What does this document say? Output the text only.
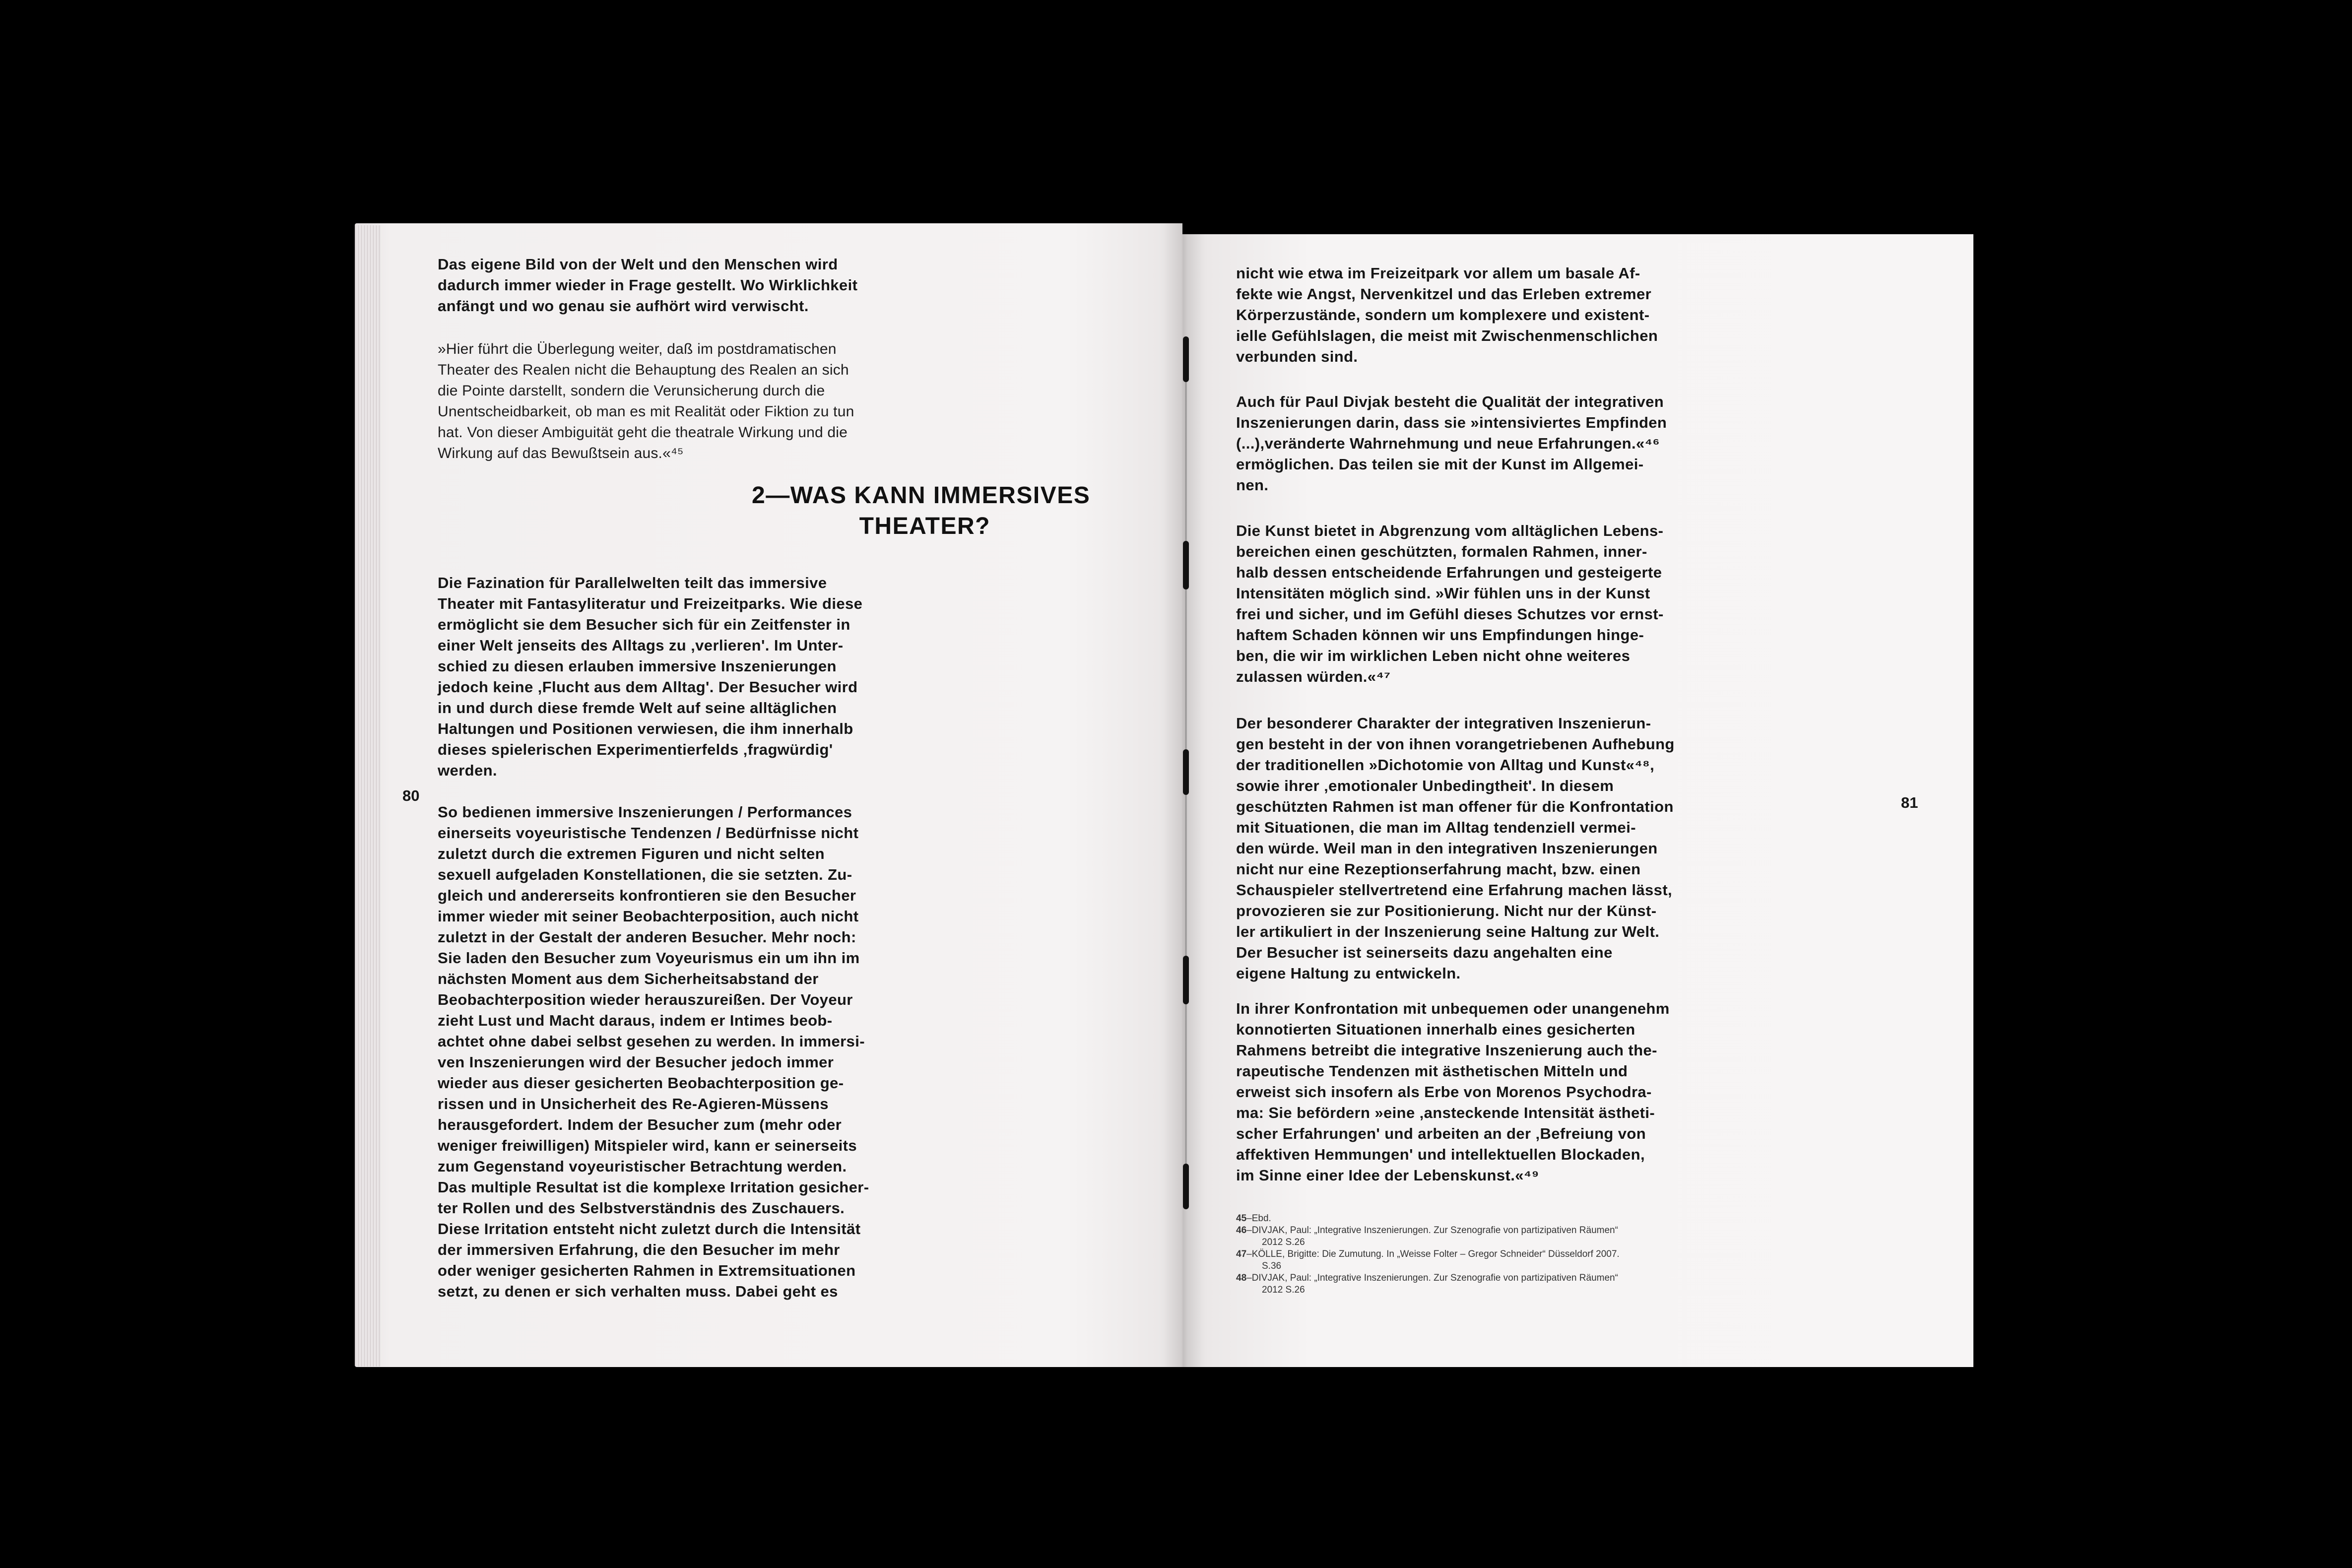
Das eigene Bild von der Welt und den Menschen wird
dadurch immer wieder in Frage gestellt. Wo Wirklichkeit
anfängt und wo genau sie aufhört wird verwischt.
»Hier führt die Überlegung weiter, daß im postdramatischen
Theater des Realen nicht die Behauptung des Realen an sich
die Pointe darstellt, sondern die Verunsicherung durch die
Unentscheidbarkeit, ob man es mit Realität oder Fiktion zu tun
hat. Von dieser Ambiguität geht die theatrale Wirkung und die
Wirkung auf das Bewußtsein aus.«⁴⁵
2—WAS KANN IMMERSIVES
THEATER?
Die Fazination für Parallelwelten teilt das immersive
Theater mit Fantasyliteratur und Freizeitparks. Wie diese
ermöglicht sie dem Besucher sich für ein Zeitfenster in
einer Welt jenseits des Alltags zu ‚verlieren'. Im Unter-
schied zu diesen erlauben immersive Inszenierungen
jedoch keine ‚Flucht aus dem Alltag'. Der Besucher wird
in und durch diese fremde Welt auf seine alltäglichen
Haltungen und Positionen verwiesen, die ihm innerhalb
dieses spielerischen Experimentierfelds ‚fragwürdig'
werden.
80
So bedienen immersive Inszenierungen / Performances
einerseits voyeuristische Tendenzen / Bedürfnisse nicht
zuletzt durch die extremen Figuren und nicht selten
sexuell aufgeladen Konstellationen, die sie setzten. Zu-
gleich und andererseits konfrontieren sie den Besucher
immer wieder mit seiner Beobachterposition, auch nicht
zuletzt in der Gestalt der anderen Besucher. Mehr noch:
Sie laden den Besucher zum Voyeurismus ein um ihn im
nächsten Moment aus dem Sicherheitsabstand der
Beobachterposition wieder herauszureißen. Der Voyeur
zieht Lust und Macht daraus, indem er Intimes beob-
achtet ohne dabei selbst gesehen zu werden. In immersi-
ven Inszenierungen wird der Besucher jedoch immer
wieder aus dieser gesicherten Beobachterposition ge-
rissen und in Unsicherheit des Re-Agieren-Müssens
herausgefordert. Indem der Besucher zum (mehr oder
weniger freiwilligen) Mitspieler wird, kann er seinerseits
zum Gegenstand voyeuristischer Betrachtung werden.
Das multiple Resultat ist die komplexe Irritation gesicher-
ter Rollen und des Selbstverständnis des Zuschauers.
Diese Irritation entsteht nicht zuletzt durch die Intensität
der immersiven Erfahrung, die den Besucher im mehr
oder weniger gesicherten Rahmen in Extremsituationen
setzt, zu denen er sich verhalten muss. Dabei geht es
nicht wie etwa im Freizeitpark vor allem um basale Af-
fekte wie Angst, Nervenkitzel und das Erleben extremer
Körperzustände, sondern um komplexere und existent-
ielle Gefühlslagen, die meist mit Zwischenmenschlichen
verbunden sind.
Auch für Paul Divjak besteht die Qualität der integrativen
Inszenierungen darin, dass sie »intensiviertes Empfinden
(...),veränderte Wahrnehmung und neue Erfahrungen.«⁴⁶
ermöglichen. Das teilen sie mit der Kunst im Allgemei-
nen.
Die Kunst bietet in Abgrenzung vom alltäglichen Lebens-
bereichen einen geschützten, formalen Rahmen, inner-
halb dessen entscheidende Erfahrungen und gesteigerte
Intensitäten möglich sind. »Wir fühlen uns in der Kunst
frei und sicher, und im Gefühl dieses Schutzes vor ernst-
haftem Schaden können wir uns Empfindungen hinge-
ben, die wir im wirklichen Leben nicht ohne weiteres
zulassen würden.«⁴⁷
Der besonderer Charakter der integrativen Inszenierun-
gen besteht in der von ihnen vorangetriebenen Aufhebung
der traditionellen »Dichotomie von Alltag und Kunst«⁴⁸,
sowie ihrer ‚emotionaler Unbedingtheit'. In diesem
geschützten Rahmen ist man offener für die Konfrontation
mit Situationen, die man im Alltag tendenziell vermei-
den würde. Weil man in den integrativen Inszenierungen
nicht nur eine Rezeptionserfahrung macht, bzw. einen
Schauspieler stellvertretend eine Erfahrung machen lässt,
provozieren sie zur Positionierung. Nicht nur der Künst-
ler artikuliert in der Inszenierung seine Haltung zur Welt.
Der Besucher ist seinerseits dazu angehalten eine
eigene Haltung zu entwickeln.
81
In ihrer Konfrontation mit unbequemen oder unangenehm
konnotierten Situationen innerhalb eines gesicherten
Rahmens betreibt die integrative Inszenierung auch the-
rapeutische Tendenzen mit ästhetischen Mitteln und
erweist sich insofern als Erbe von Morenos Psychodra-
ma: Sie befördern »eine ‚ansteckende Intensität ästheti-
scher Erfahrungen' und arbeiten an der ‚Befreiung von
affektiven Hemmungen' und intellektuellen Blockaden,
im Sinne einer Idee der Lebenskunst.«⁴⁹
45–Ebd.
46–DIVJAK, Paul: „Integrative Inszenierungen. Zur Szenografie von partizipativen Räumen“
2012 S.26
47–KÖLLE, Brigitte: Die Zumutung. In „Weisse Folter – Gregor Schneider“ Düsseldorf 2007.
S.36
48–DIVJAK, Paul: „Integrative Inszenierungen. Zur Szenografie von partizipativen Räumen“
2012 S.26
